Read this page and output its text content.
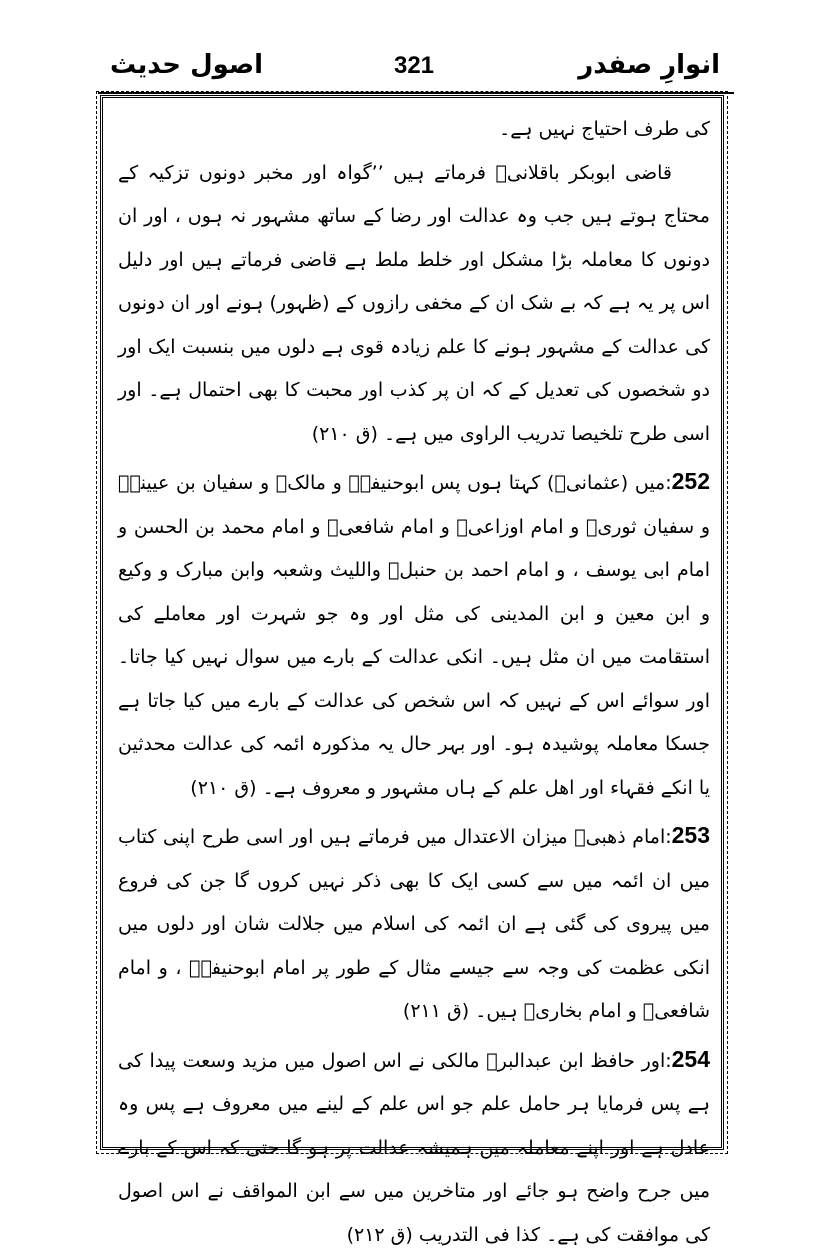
انوارِ صفدر
321
اصول حدیث

کی طرف احتیاج نہیں ہے۔

قاضی ابوبکر باقلانیؒ فرماتے ہیں ’’گواہ اور مخبر دونوں تزکیہ کے محتاج ہوتے ہیں جب وہ عدالت اور رضا کے ساتھ مشہور نہ ہوں ، اور ان دونوں کا معاملہ بڑا مشکل اور خلط ملط ہے قاضی فرماتے ہیں اور دلیل اس پر یہ ہے کہ بے شک ان کے مخفی رازوں کے (ظہور) ہونے اور ان دونوں کی عدالت کے مشہور ہونے کا علم زیادہ قوی ہے دلوں میں بنسبت ایک اور دو شخصوں کی تعدیل کے کہ ان پر کذب اور محبت کا بھی احتمال ہے۔ اور اسی طرح تلخیصا تدریب الراوی میں ہے۔ (ق ۲۱۰)

252:میں (عثمانیؒ) کہتا ہوں پس ابوحنیفہؒ و مالکؒ و سفیان بن عیینہؒ و سفیان ثوریؒ و امام اوزاعیؒ و امام شافعیؒ و امام محمد بن الحسن و امام ابی یوسف ، و امام احمد بن حنبلؒ واللیث وشعبہ وابن مبارک و وکیع و ابن معین و ابن المدینی کی مثل اور وہ جو شہرت اور معاملے کی استقامت میں ان مثل ہیں۔ انکی عدالت کے بارے میں سوال نہیں کیا جاتا۔ اور سوائے اس کے نہیں کہ اس شخص کی عدالت کے بارے میں کیا جاتا ہے جسکا معاملہ پوشیدہ ہو۔ اور بہر حال یہ مذکورہ ائمہ کی عدالت محدثین یا انکے فقہاء اور اھل علم کے ہاں مشہور و معروف ہے۔ (ق ۲۱۰)

253:امام ذھبیؒ میزان الاعتدال میں فرماتے ہیں اور اسی طرح اپنی کتاب میں ان ائمہ میں سے کسی ایک کا بھی ذکر نہیں کروں گا جن کی فروع میں پیروی کی گئی ہے ان ائمہ کی اسلام میں جلالت شان اور دلوں میں انکی عظمت کی وجہ سے جیسے مثال کے طور پر امام ابوحنیفہؒ ، و امام شافعیؒ و امام بخاریؒ ہیں۔ (ق ۲۱۱)

254:اور حافظ ابن عبدالبرؒ مالکی نے اس اصول میں مزید وسعت پیدا کی ہے پس فرمایا ہر حامل علم جو اس علم کے لینے میں معروف ہے پس وہ عادل ہے اور اپنے معاملہ میں ہمیشہ عدالت پر ہو گا حتی کہ اس کے بارے میں جرح واضح ہو جائے اور متاخرین میں سے ابن المواقف نے اس اصول کی موافقت کی ہے۔ کذا فی التدریب (ق ۲۱۲)
